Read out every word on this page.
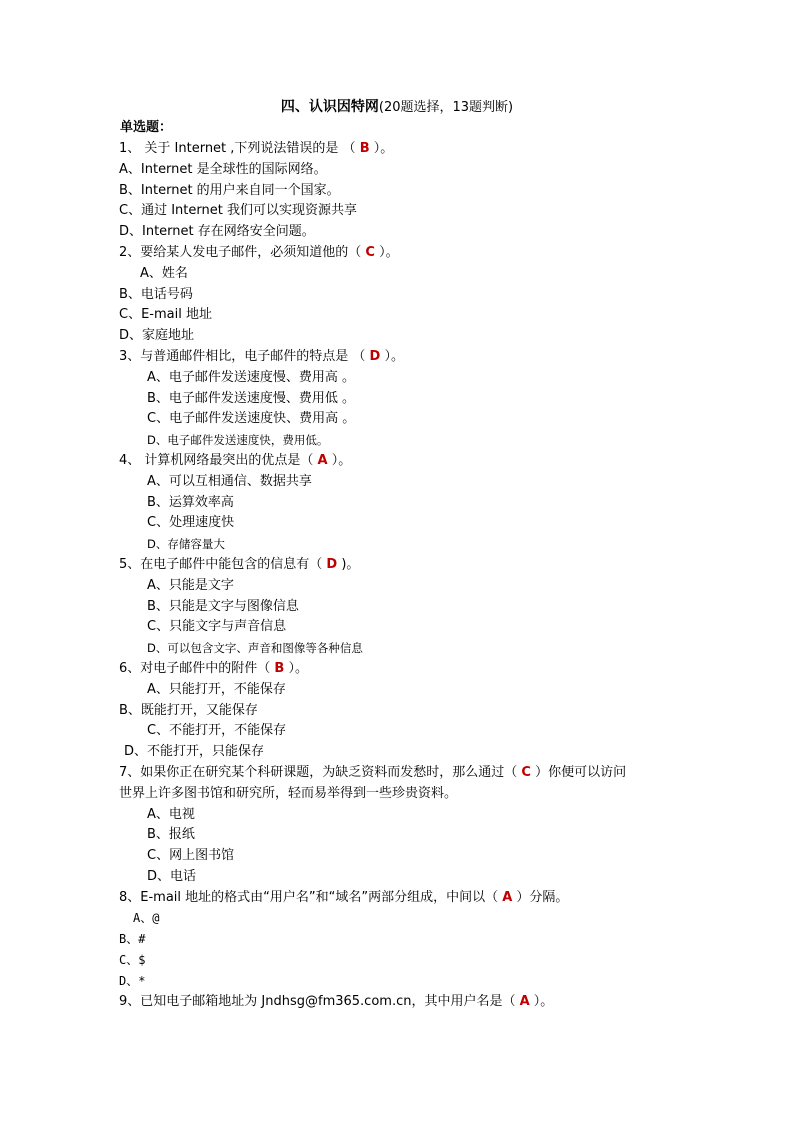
四、认识因特网(20题选择，13题判断)
单选题：
1、 关于 Internet ,下列说法错误的是 （ B ）。
A、Internet 是全球性的国际网络。
B、Internet 的用户来自同一个国家。
C、通过 Internet 我们可以实现资源共享
D、Internet 存在网络安全问题。
2、要给某人发电子邮件，必须知道他的（ C ）。
A、姓名
B、电话号码
C、E-mail 地址
D、家庭地址
3、与普通邮件相比，电子邮件的特点是 （ D ）。
A、电子邮件发送速度慢、费用高 。
B、电子邮件发送速度慢、费用低 。
C、电子邮件发送速度快、费用高 。
D、电子邮件发送速度快，费用低。
4、 计算机网络最突出的优点是（ A ）。
A、可以互相通信、数据共享
B、运算效率高
C、处理速度快
D、存储容量大
5、在电子邮件中能包含的信息有（ D )。
A、只能是文字
B、只能是文字与图像信息
C、只能文字与声音信息
D、可以包含文字、声音和图像等各种信息
6、对电子邮件中的附件（ B ）。
A、只能打开，不能保存
B、既能打开，又能保存
C、不能打开，不能保存
D、不能打开，只能保存
7、如果你正在研究某个科研课题，为缺乏资料而发愁时，那么通过（ C ）你便可以访问
世界上许多图书馆和研究所，轻而易举得到一些珍贵资料。
A、电视
B、报纸
C、网上图书馆
D、电话
8、E-mail 地址的格式由“用户名”和“域名”两部分组成，中间以（ A ）分隔。
A、@
B、#
C、$
D、*
9、已知电子邮箱地址为 Jndhsg@fm365.com.cn，其中用户名是（ A ）。
